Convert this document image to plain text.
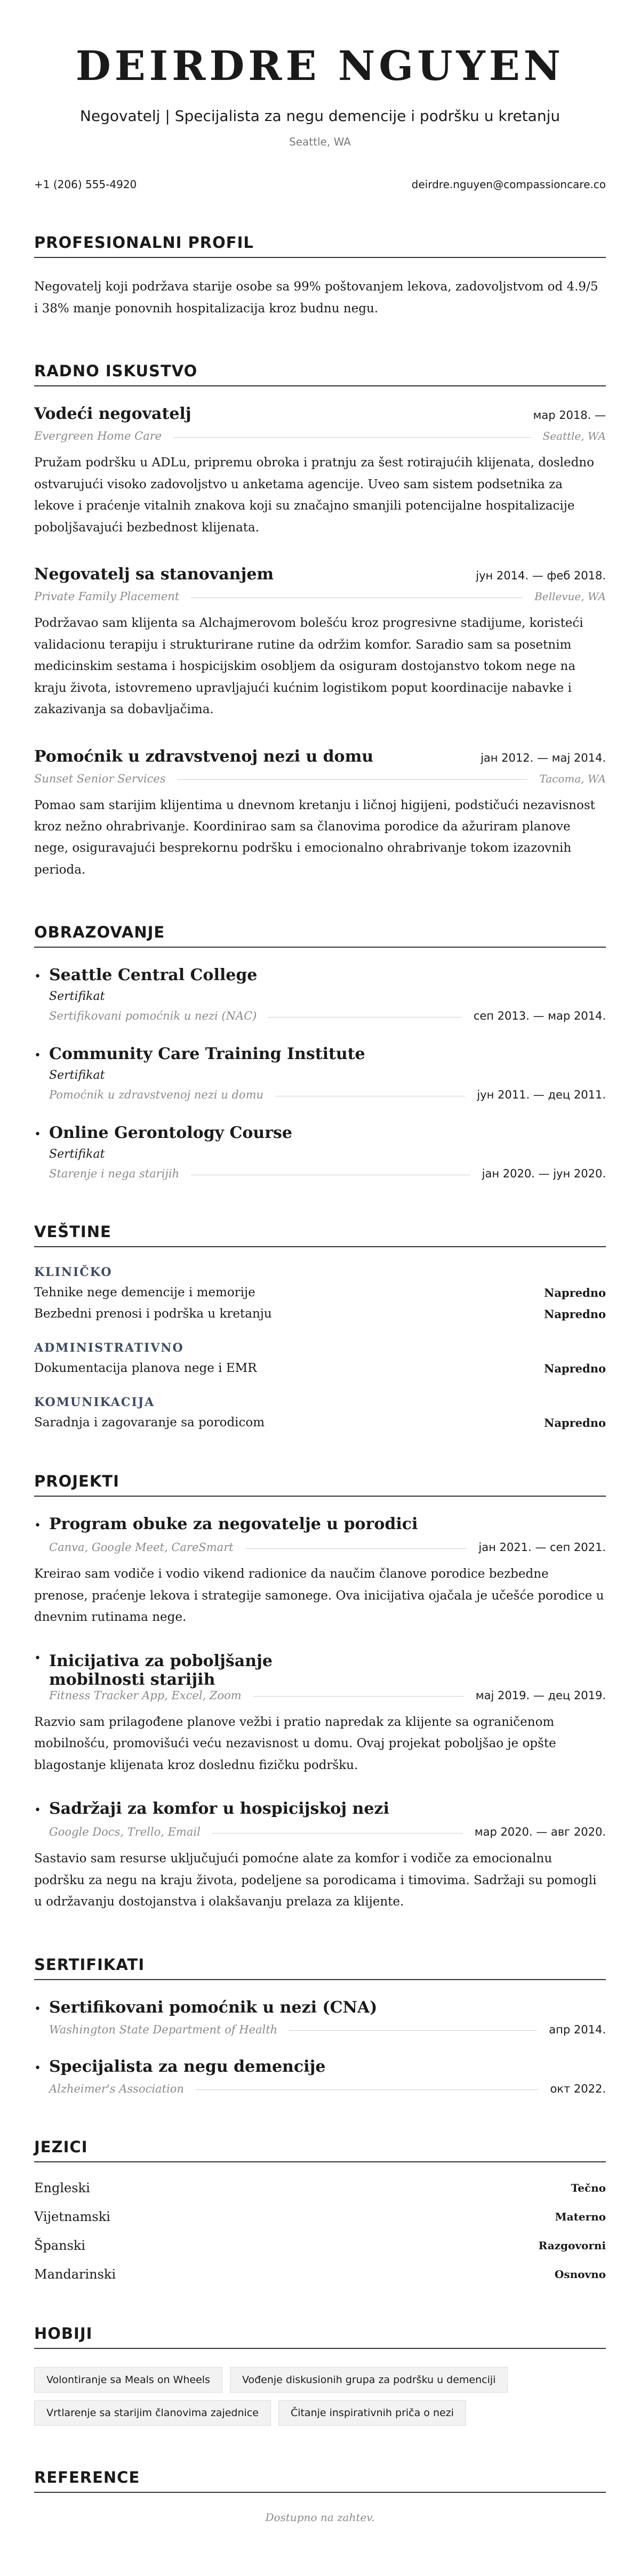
DEIRDRE NGUYEN
Negovatelj | Specijalista za negu demencije i podršku u kretanju
Seattle, WA
+1 (206) 555-4920	deirdre.nguyen@compassioncare.co
PROFESIONALNI PROFIL

Negovatelj koji podržava starije osobe sa 99% poštovanjem lekova, zadovoljstvom od 4.9/5 i 38% manje ponovnih hospitalizacija kroz budnu negu.

RADNO ISKUSTVO
Vodeći negovatelj	мар 2018. —
Evergreen Home Care	Seattle, WA

Pružam podršku u ADLu, pripremu obroka i pratnju za šest rotirajućih klijenata, dosledno ostvarujući visoko zadovoljstvo u anketama agencije. Uveo sam sistem podsetnika za lekove i praćenje vitalnih znakova koji su značajno smanjili potencijalne hospitalizacije poboljšavajući bezbednost klijenata.

Negovatelj sa stanovanjem	јун 2014. — феб 2018.
Private Family Placement	Bellevue, WA

Podržavao sam klijenta sa Alchajmerovom bolešću kroz progresivne stadijume, koristeći validacionu terapiju i strukturirane rutine da održim komfor. Saradio sam sa posetnim medicinskim sestama i hospicijskim osobljem da osiguram dostojanstvo tokom nege na kraju života, istovremeno upravljajući kućnim logistikom poput koordinacije nabavke i zakazivanja sa dobavljačima.

Pomoćnik u zdravstvenoj nezi u domu	јан 2012. — мај 2014.
Sunset Senior Services	Tacoma, WA

Pomao sam starijim klijentima u dnevnom kretanju i ličnoj higijeni, podstičući nezavisnost kroz nežno ohrabrivanje. Koordinirao sam sa članovima porodice da ažuriram planove nege, osiguravajući besprekornu podršku i emocionalno ohrabrivanje tokom izazovnih perioda.

OBRAZOVANJE
• Seattle Central College
Sertifikat
Sertifikovani pomoćnik u nezi (NAC)	сеп 2013. — мар 2014.
• Community Care Training Institute
Sertifikat
Pomoćnik u zdravstvenoj nezi u domu	јун 2011. — дец 2011.
• Online Gerontology Course
Sertifikat
Starenje i nega starijih	јан 2020. — јун 2020.
VEŠTINE
KLINIČKO
Tehnike nege demencije i memorije	Napredno
Bezbedni prenosi i podrška u kretanju	Napredno
ADMINISTRATIVNO
Dokumentacija planova nege i EMR	Napredno
KOMUNIKACIJA
Saradnja i zagovaranje sa porodicom	Napredno
PROJEKTI
• Program obuke za negovatelje u porodici
Canva, Google Meet, CareSmart	јан 2021. — сеп 2021.

Kreirao sam vodiče i vodio vikend radionice da naučim članove porodice bezbedne prenose, praćenje lekova i strategije samonege. Ova inicijativa ojačala je učešće porodice u dnevnim rutinama nege.

• Inicijativa za poboljšanje mobilnosti starijih
Fitness Tracker App, Excel, Zoom	мај 2019. — дец 2019.

Razvio sam prilagođene planove vežbi i pratio napredak za klijente sa ograničenom mobilnošću, promovišući veću nezavisnost u domu. Ovaj projekat poboljšao je opšte blagostanje klijenata kroz doslednu fizičku podršku.

• Sadržaji za komfor u hospicijskoj nezi
Google Docs, Trello, Email	мар 2020. — авг 2020.

Sastavio sam resurse uključujući pomoćne alate za komfor i vodiče za emocionalnu podršku za negu na kraju života, podeljene sa porodicama i timovima. Sadržaji su pomogli u održavanju dostojanstva i olakšavanju prelaza za klijente.

SERTIFIKATI
• Sertifikovani pomoćnik u nezi (CNA)
Washington State Department of Health	апр 2014.
• Specijalista za negu demencije
Alzheimer's Association	окт 2022.
JEZICI
Engleski	Tečno
Vijetnamski	Materno
Španski	Razgovorni
Mandarinski	Osnovno
HOBIJI
Volontiranje sa Meals on Wheels	Vođenje diskusionih grupa za podršku u demenciji
Vrtlarenje sa starijim članovima zajednice	Čitanje inspirativnih priča o nezi
REFERENCE
Dostupno na zahtev.
